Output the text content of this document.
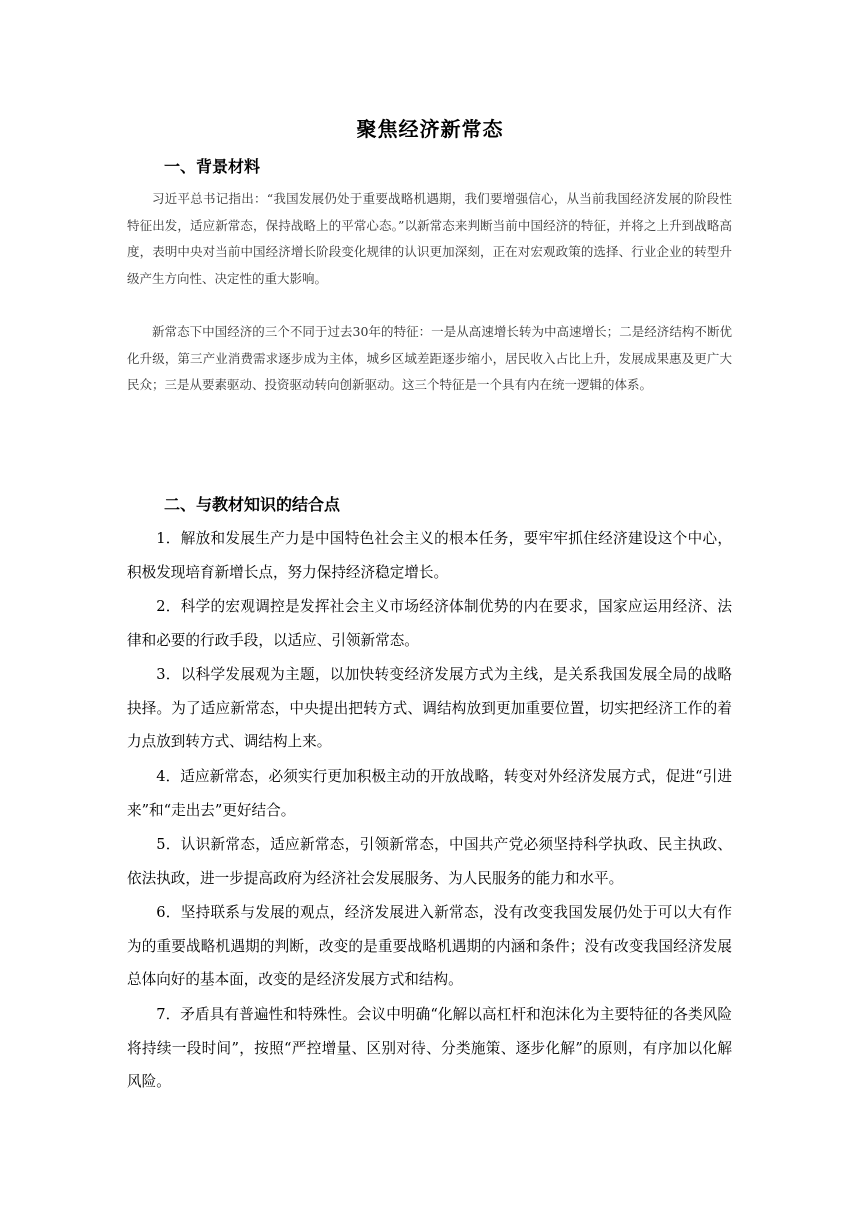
聚焦经济新常态
一、背景材料

习近平总书记指出：“我国发展仍处于重要战略机遇期，我们要增强信心，从当前我国经济发展的阶段性特征出发，适应新常态，保持战略上的平常心态。”以新常态来判断当前中国经济的特征，并将之上升到战略高度，表明中央对当前中国经济增长阶段变化规律的认识更加深刻，正在对宏观政策的选择、行业企业的转型升级产生方向性、决定性的重大影响。

新常态下中国经济的三个不同于过去30年的特征：一是从高速增长转为中高速增长；二是经济结构不断优化升级，第三产业消费需求逐步成为主体，城乡区域差距逐步缩小，居民收入占比上升，发展成果惠及更广大民众；三是从要素驱动、投资驱动转向创新驱动。这三个特征是一个具有内在统一逻辑的体系。

二、与教材知识的结合点

1．解放和发展生产力是中国特色社会主义的根本任务，要牢牢抓住经济建设这个中心，积极发现培育新增长点，努力保持经济稳定增长。

2．科学的宏观调控是发挥社会主义市场经济体制优势的内在要求，国家应运用经济、法律和必要的行政手段，以适应、引领新常态。

3．以科学发展观为主题，以加快转变经济发展方式为主线，是关系我国发展全局的战略抉择。为了适应新常态，中央提出把转方式、调结构放到更加重要位置，切实把经济工作的着力点放到转方式、调结构上来。

4．适应新常态，必须实行更加积极主动的开放战略，转变对外经济发展方式，促进“引进来”和“走出去”更好结合。

5．认识新常态，适应新常态，引领新常态，中国共产党必须坚持科学执政、民主执政、依法执政，进一步提高政府为经济社会发展服务、为人民服务的能力和水平。

6．坚持联系与发展的观点，经济发展进入新常态，没有改变我国发展仍处于可以大有作为的重要战略机遇期的判断，改变的是重要战略机遇期的内涵和条件；没有改变我国经济发展总体向好的基本面，改变的是经济发展方式和结构。

7．矛盾具有普遍性和特殊性。会议中明确“化解以高杠杆和泡沫化为主要特征的各类风险将持续一段时间”，按照“严控增量、区别对待、分类施策、逐步化解”的原则，有序加以化解风险。
